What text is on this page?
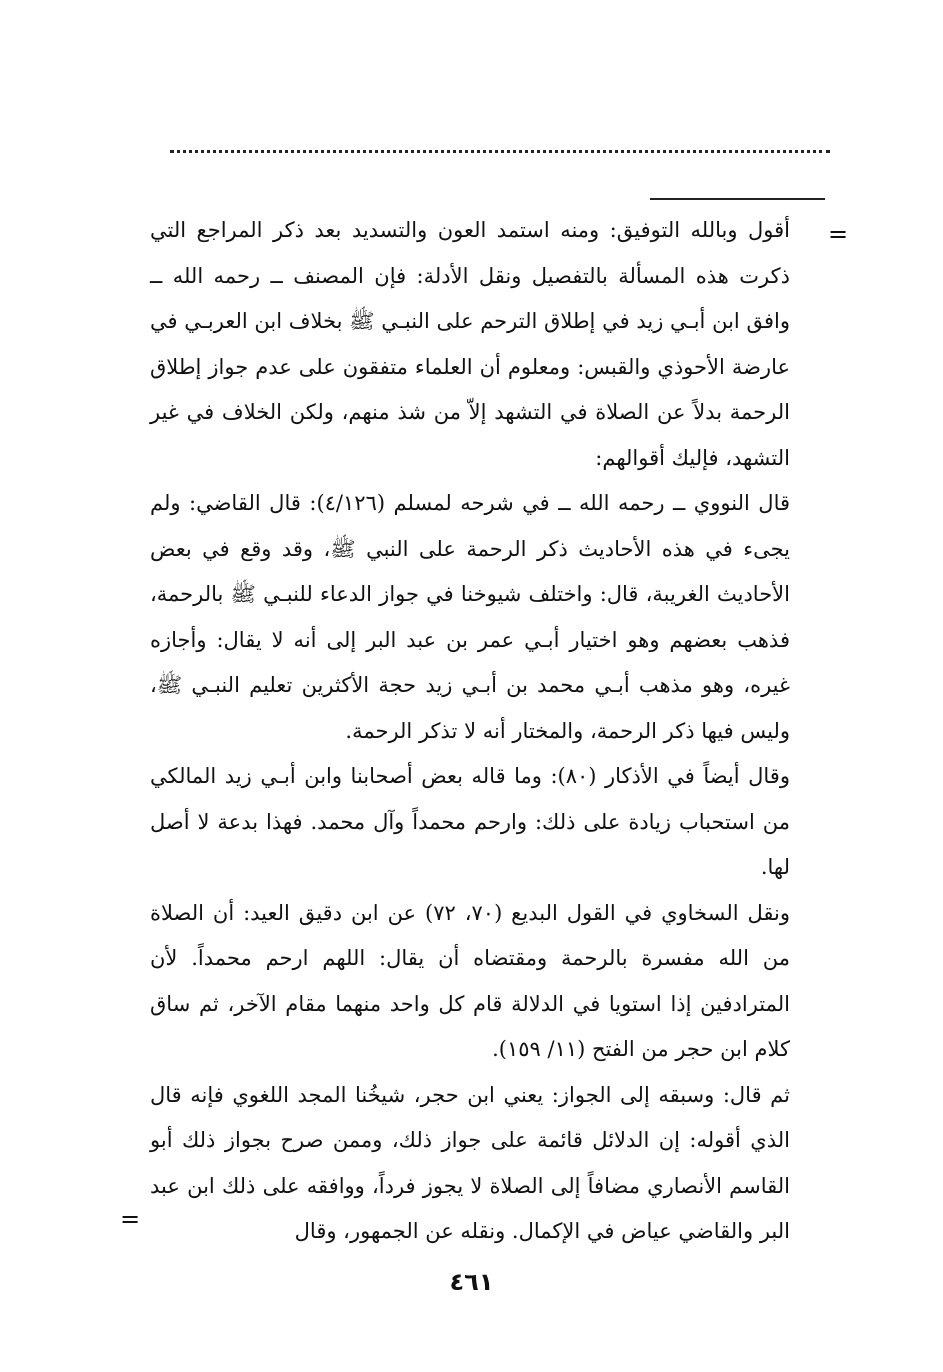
=

أقول وبالله التوفيق: ومنه استمد العون والتسديد بعد ذكر المراجع التي ذكرت هذه المسألة بالتفصيل ونقل الأدلة: فإن المصنف ــ رحمه الله ــ وافق ابن أبـي زيد في إطلاق الترحم على النبـي ﷺ بخلاف ابن العربـي في عارضة الأحوذي والقبس: ومعلوم أن العلماء متفقون على عدم جواز إطلاق الرحمة بدلاً عن الصلاة في التشهد إلاّ من شذ منهم، ولكن الخلاف في غير التشهد، فإليك أقوالهم:

قال النووي ــ رحمه الله ــ في شرحه لمسلم (٤/١٢٦): قال القاضي: ولم يجىء في هذه الأحاديث ذكر الرحمة على النبي ﷺ، وقد وقع في بعض الأحاديث الغريبة، قال: واختلف شيوخنا في جواز الدعاء للنبـي ﷺ بالرحمة، فذهب بعضهم وهو اختيار أبـي عمر بن عبد البر إلى أنه لا يقال: وأجازه غيره، وهو مذهب أبـي محمد بن أبـي زيد حجة الأكثرين تعليم النبـي ﷺ، وليس فيها ذكر الرحمة، والمختار أنه لا تذكر الرحمة.

وقال أيضاً في الأذكار (٨٠): وما قاله بعض أصحابنا وابن أبـي زيد المالكي من استحباب زيادة على ذلك: وارحم محمداً وآل محمد. فهذا بدعة لا أصل لها.

ونقل السخاوي في القول البديع (٧٠، ٧٢) عن ابن دقيق العيد: أن الصلاة من الله مفسرة بالرحمة ومقتضاه أن يقال: اللهم ارحم محمداً. لأن المترادفين إذا استويا في الدلالة قام كل واحد منهما مقام الآخر، ثم ساق كلام ابن حجر من الفتح (١١/ ١٥٩).

ثم قال: وسبقه إلى الجواز: يعني ابن حجر، شيخُنا المجد اللغوي فإنه قال الذي أقوله: إن الدلائل قائمة على جواز ذلك، وممن صرح بجواز ذلك أبو القاسم الأنصاري مضافاً إلى الصلاة لا يجوز فرداً، ووافقه على ذلك ابن عبد البر والقاضي عياض في الإكمال. ونقله عن الجمهور، وقال

=
٤٦١
